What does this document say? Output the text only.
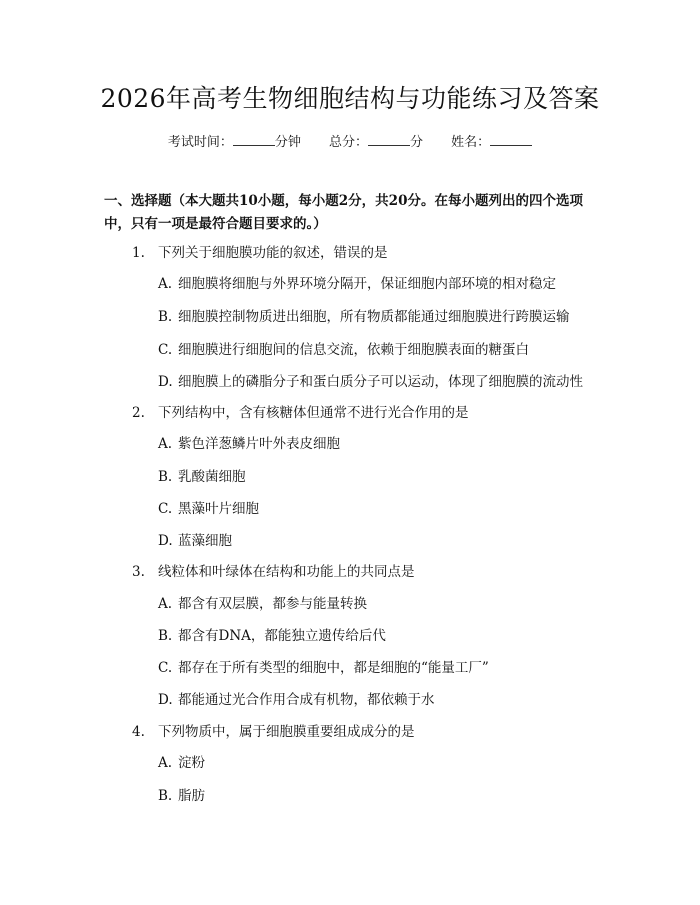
2026年高考生物细胞结构与功能练习及答案
考试时间：	分钟 总分：	分 姓名：
一、选择题（本大题共10小题，每小题2分，共20分。在每小题列出的四个选项中，只有一项是最符合题目要求的。）
1. 下列关于细胞膜功能的叙述，错误的是
A. 细胞膜将细胞与外界环境分隔开，保证细胞内部环境的相对稳定
B. 细胞膜控制物质进出细胞，所有物质都能通过细胞膜进行跨膜运输
C. 细胞膜进行细胞间的信息交流，依赖于细胞膜表面的糖蛋白
D. 细胞膜上的磷脂分子和蛋白质分子可以运动，体现了细胞膜的流动性
2. 下列结构中，含有核糖体但通常不进行光合作用的是
A. 紫色洋葱鳞片叶外表皮细胞
B. 乳酸菌细胞
C. 黑藻叶片细胞
D. 蓝藻细胞
3. 线粒体和叶绿体在结构和功能上的共同点是
A. 都含有双层膜，都参与能量转换
B. 都含有DNA，都能独立遗传给后代
C. 都存在于所有类型的细胞中，都是细胞的“能量工厂”
D. 都能通过光合作用合成有机物，都依赖于水
4. 下列物质中，属于细胞膜重要组成成分的是
A. 淀粉
B. 脂肪
